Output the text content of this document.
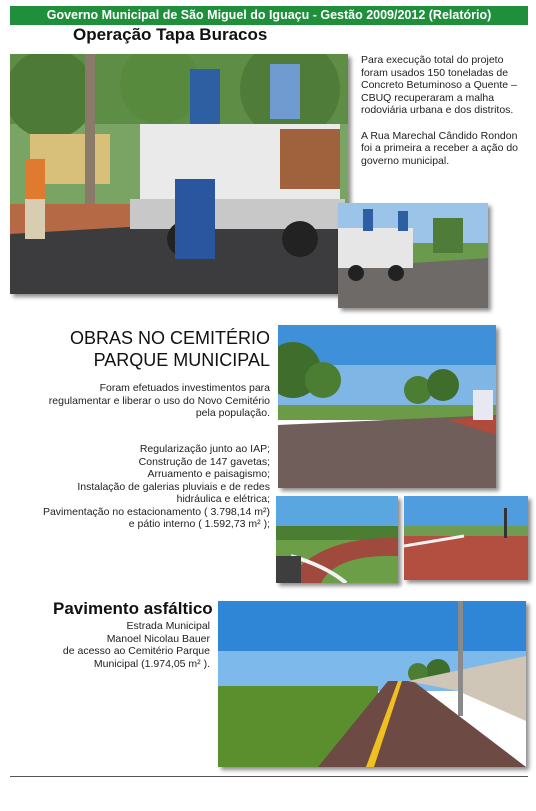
Governo Municipal de São Miguel do Iguaçu - Gestão 2009/2012 (Relatório)
Operação Tapa Buracos

Para execução total do projeto foram usados 150 toneladas de Concreto Betuminoso a Quente – CBUQ recuperaram a malha rodoviária urbana e dos distritos.

A Rua Marechal Cândido Rondon foi a primeira a receber a ação do governo municipal.

OBRAS NO CEMITÉRIO
PARQUE MUNICIPAL
Foram efetuados investimentos para
regulamentar e liberar o uso do Novo Cemitério
pela população.
Regularização junto ao IAP;
Construção de 147 gavetas;
Arruamento e paisagismo;
Instalação de galerias pluviais e de redes
hidráulica e elétrica;
Pavimentação no estacionamento ( 3.798,14 m²)
e pátio interno ( 1.592,73 m² );
Pavimento asfáltico
Estrada Municipal
Manoel Nicolau Bauer
de acesso ao Cemitério Parque
Municipal (1.974,05 m² ).
